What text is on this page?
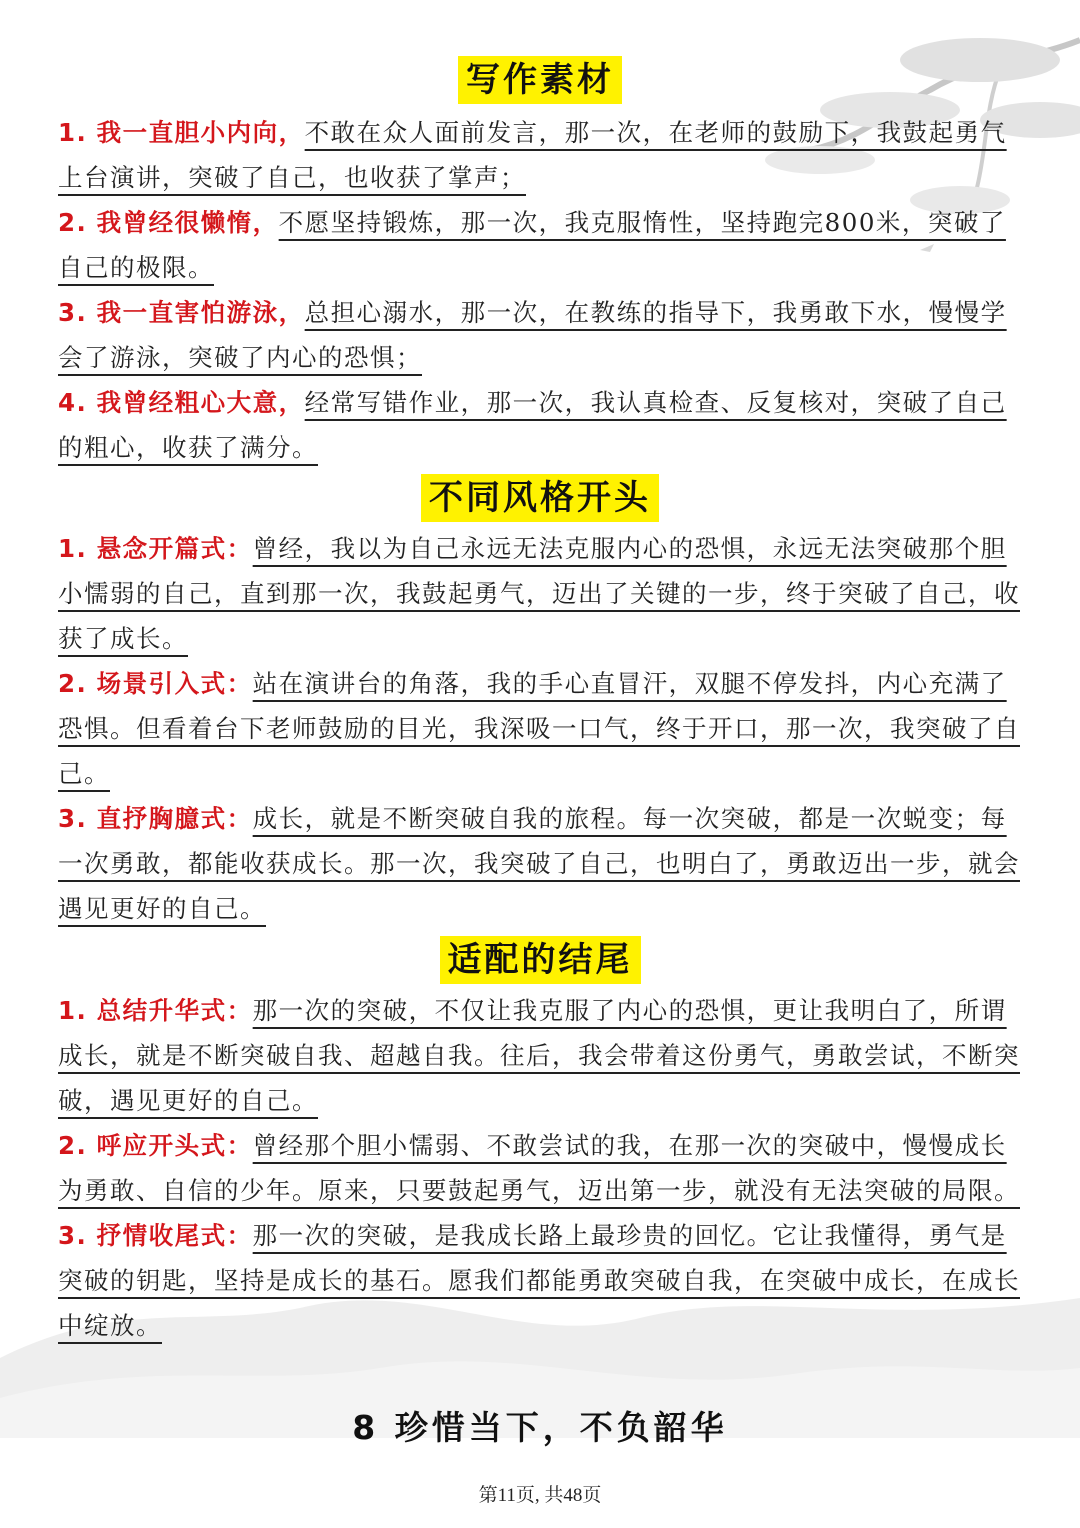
写作素材

1. 我一直胆小内向，不敢在众人面前发言，那一次，在老师的鼓励下，我鼓起勇气上台演讲，突破了自己，也收获了掌声；

2. 我曾经很懒惰，不愿坚持锻炼，那一次，我克服惰性，坚持跑完800米，突破了自己的极限。

3. 我一直害怕游泳，总担心溺水，那一次，在教练的指导下，我勇敢下水，慢慢学会了游泳，突破了内心的恐惧；

4. 我曾经粗心大意，经常写错作业，那一次，我认真检查、反复核对，突破了自己的粗心，收获了满分。

不同风格开头

1. 悬念开篇式：曾经，我以为自己永远无法克服内心的恐惧，永远无法突破那个胆小懦弱的自己，直到那一次，我鼓起勇气，迈出了关键的一步，终于突破了自己，收获了成长。

2. 场景引入式：站在演讲台的角落，我的手心直冒汗，双腿不停发抖，内心充满了恐惧。但看着台下老师鼓励的目光，我深吸一口气，终于开口，那一次，我突破了自己。

3. 直抒胸臆式：成长，就是不断突破自我的旅程。每一次突破，都是一次蜕变；每一次勇敢，都能收获成长。那一次，我突破了自己，也明白了，勇敢迈出一步，就会遇见更好的自己。

适配的结尾

1. 总结升华式：那一次的突破，不仅让我克服了内心的恐惧，更让我明白了，所谓成长，就是不断突破自我、超越自我。往后，我会带着这份勇气，勇敢尝试，不断突破，遇见更好的自己。

2. 呼应开头式：曾经那个胆小懦弱、不敢尝试的我，在那一次的突破中，慢慢成长为勇敢、自信的少年。原来，只要鼓起勇气，迈出第一步，就没有无法突破的局限。

3. 抒情收尾式：那一次的突破，是我成长路上最珍贵的回忆。它让我懂得，勇气是突破的钥匙，坚持是成长的基石。愿我们都能勇敢突破自我，在突破中成长，在成长中绽放。

8 珍惜当下，不负韶华
第11页, 共48页
